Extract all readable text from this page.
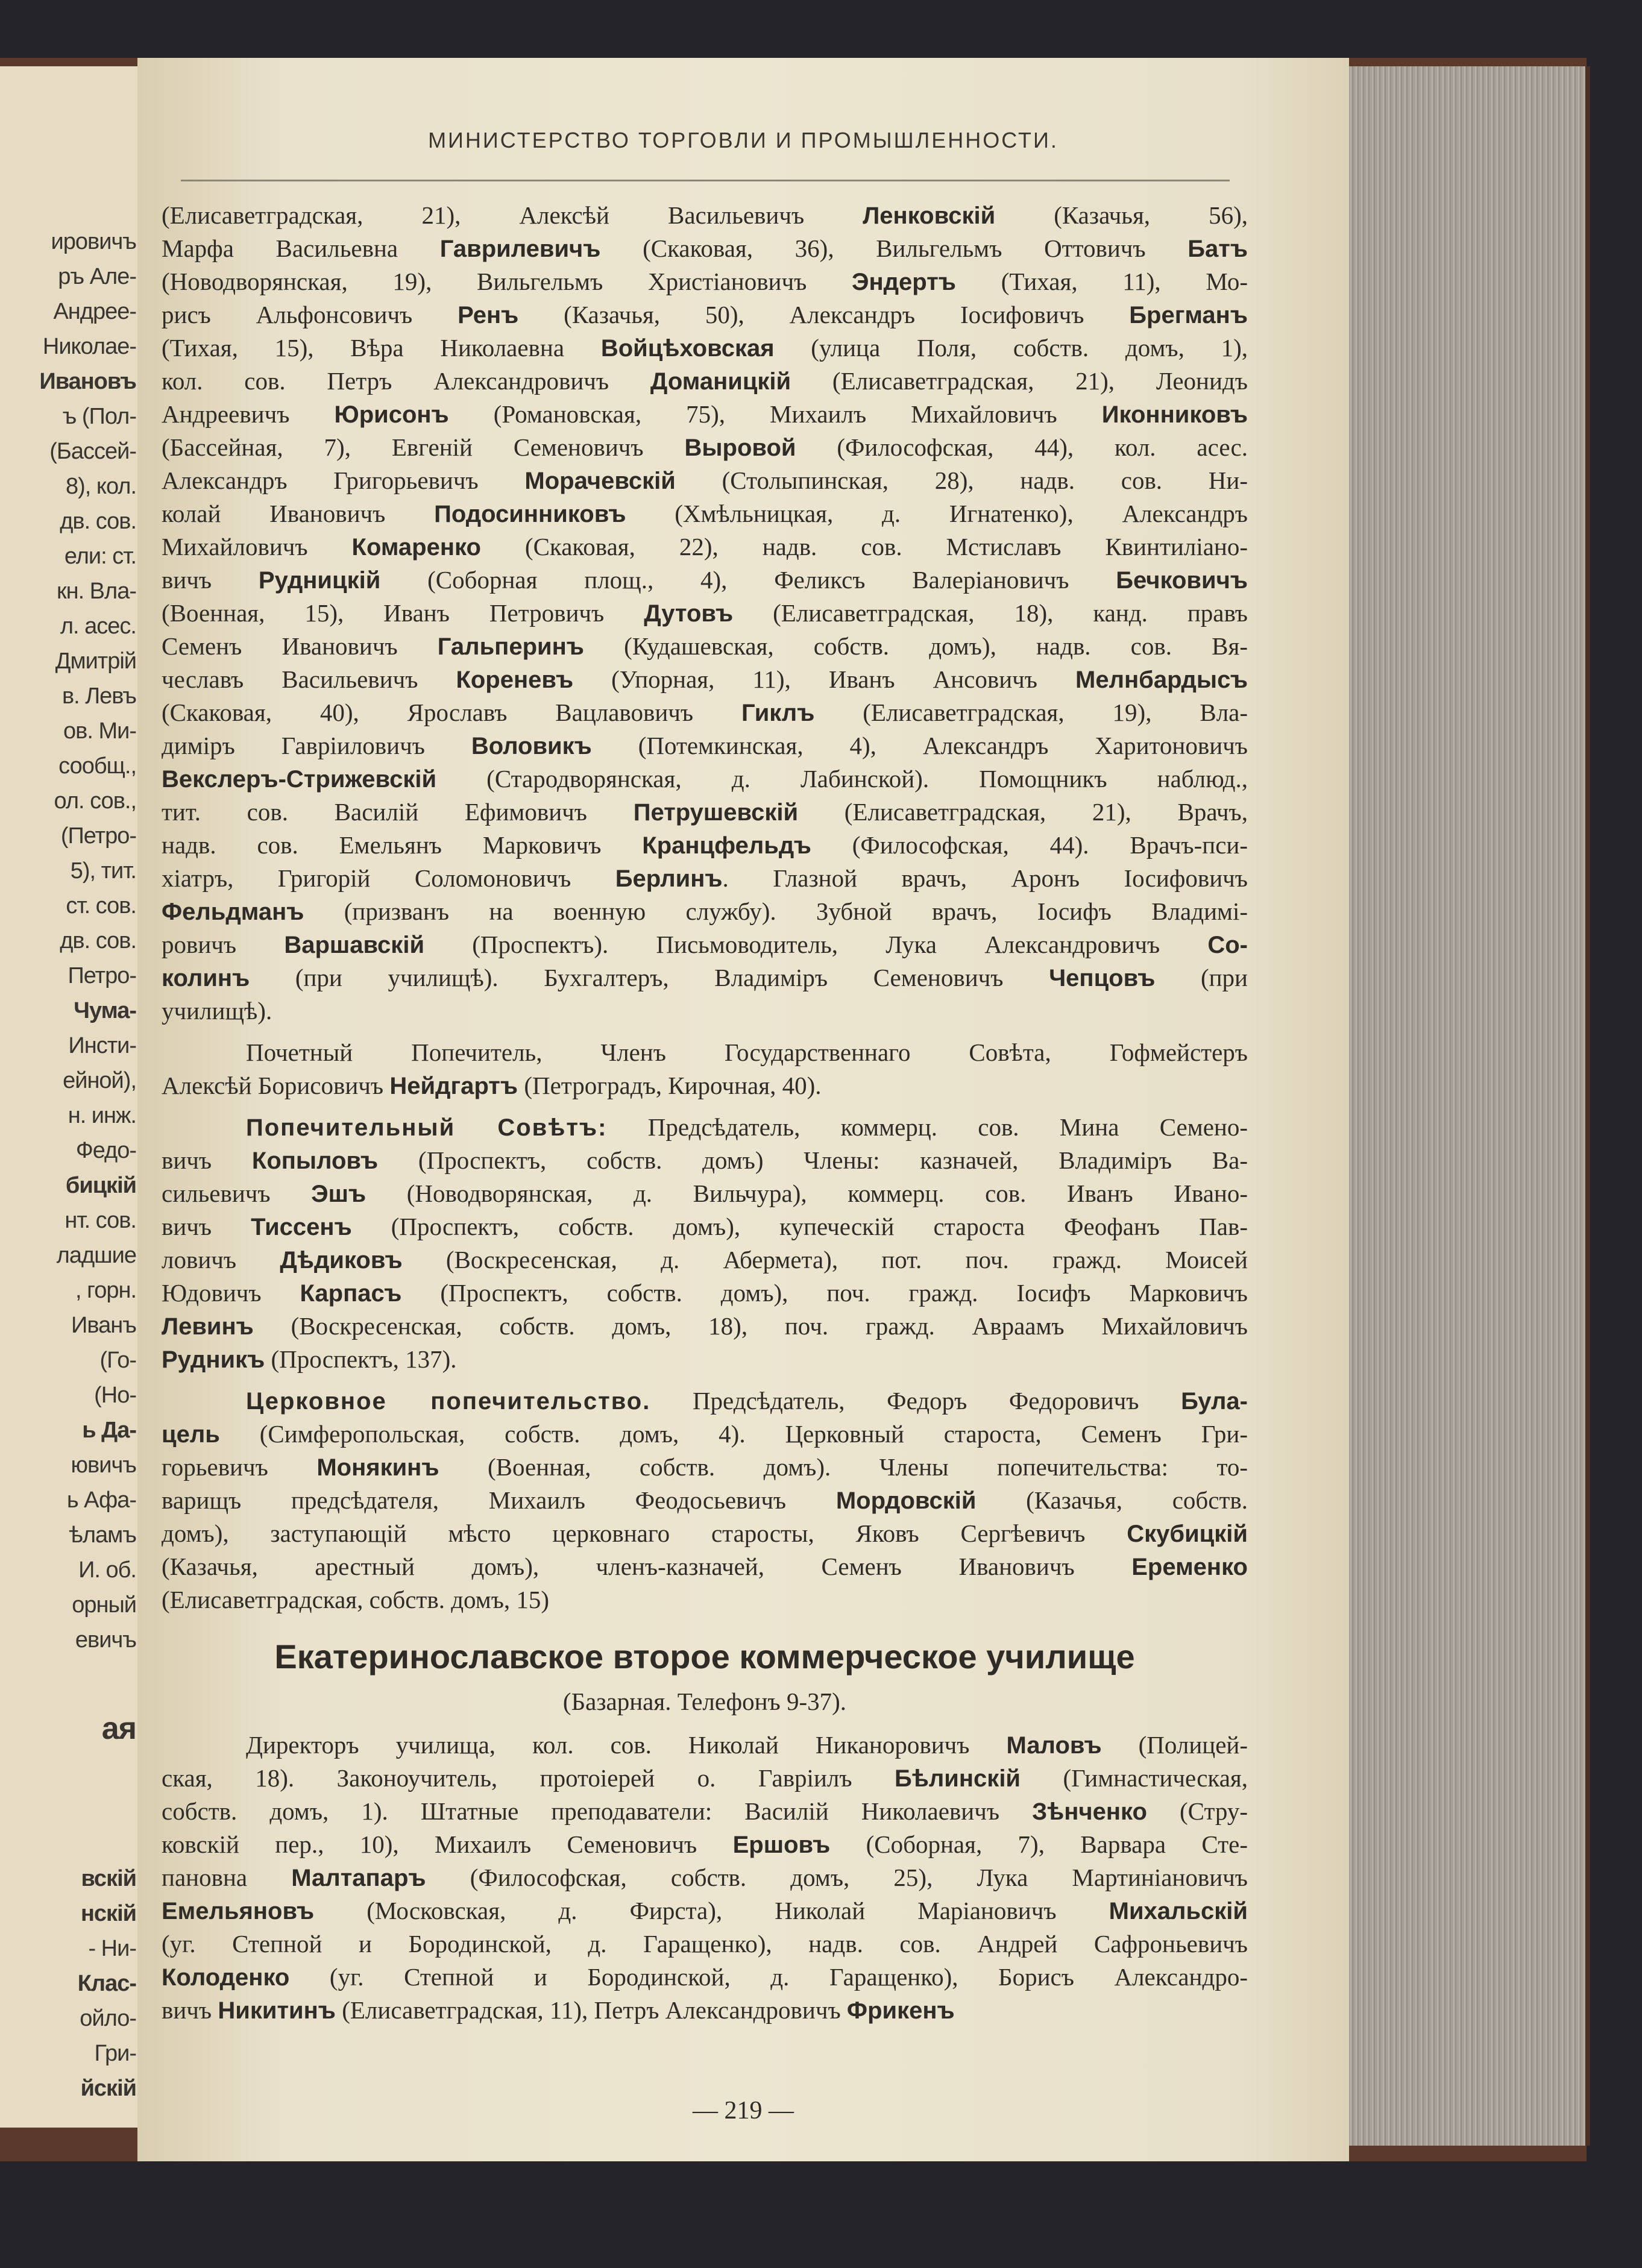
ировичъ
ръ Але-
Андрее-
Николае-
Ивановъ
ъ (Пол-
(Бассей-
8), кол.
дв. сов.
ели: ст.
кн. Вла-
л. асес.
Дмитрій
в. Левъ
ов. Ми-
сообщ.,
ол. сов.,
(Петро-
5), тит.
ст. сов.
дв. сов.
Петро-
Чума-
Инсти-
ейной),
н. инж.
Федо-
бицкій
нт. сов.
ладшие
, горн.
Иванъ
(Го-
(Но-
ь Да-
ювичъ
ь Афа-
ѣламъ
И. об.
орный
евичъ
ая
вскій
нскій
- Ни-
Клас-
ойло-
Гри-
йскій
МИНИСТЕРСТВО ТОРГОВЛИ И ПРОМЫШЛЕННОСТИ.
(Елисаветградская, 21), Алексѣй Васильевичъ Ленковскій (Казачья, 56),
Марфа Васильевна Гаврилевичъ (Скаковая, 36), Вильгельмъ Оттовичъ Батъ
(Новодворянская, 19), Вильгельмъ Христіановичъ Эндертъ (Тихая, 11), Мо-
рисъ Альфонсовичъ Ренъ (Казачья, 50), Александръ Іосифовичъ Брегманъ
(Тихая, 15), Вѣра Николаевна Войцѣховская (улица Поля, собств. домъ, 1),
кол. сов. Петръ Александровичъ Доманицкій (Елисаветградская, 21), Леонидъ
Андреевичъ Юрисонъ (Романовская, 75), Михаилъ Михайловичъ Иконниковъ
(Бассейная, 7), Евгеній Семеновичъ Выровой (Философская, 44), кол. асес.
Александръ Григорьевичъ Морачевскій (Столыпинская, 28), надв. сов. Ни-
колай Ивановичъ Подосинниковъ (Хмѣльницкая, д. Игнатенко), Александръ
Михайловичъ Комаренко (Скаковая, 22), надв. сов. Мстиславъ Квинтиліано-
вичъ Рудницкій (Соборная площ., 4), Феликсъ Валеріановичъ Бечковичъ
(Военная, 15), Иванъ Петровичъ Дутовъ (Елисаветградская, 18), канд. правъ
Семенъ Ивановичъ Гальперинъ (Кудашевская, собств. домъ), надв. сов. Вя-
чеславъ Васильевичъ Кореневъ (Упорная, 11), Иванъ Ансовичъ Мелнбардысъ
(Скаковая, 40), Ярославъ Вацлавовичъ Гиклъ (Елисаветградская, 19), Вла-
диміръ Гавріиловичъ Воловикъ (Потемкинская, 4), Александръ Харитоновичъ
Векслеръ-Стрижевскій (Стародворянская, д. Лабинской). Помощникъ наблюд.,
тит. сов. Василій Ефимовичъ Петрушевскій (Елисаветградская, 21), Врачъ,
надв. сов. Емельянъ Марковичъ Кранцфельдъ (Философская, 44). Врачъ-пси-
хіатръ, Григорій Соломоновичъ Берлинъ. Глазной врачъ, Аронъ Іосифовичъ
Фельдманъ (призванъ на военную службу). Зубной врачъ, Іосифъ Владимі-
ровичъ Варшавскій (Проспектъ). Письмоводитель, Лука Александровичъ Со-
колинъ (при училищѣ). Бухгалтеръ, Владиміръ Семеновичъ Чепцовъ (при
училищѣ).
Почетный Попечитель, Членъ Государственнаго Совѣта, Гофмейстеръ
Алексѣй Борисовичъ Нейдгартъ (Петроградъ, Кирочная, 40).
Попечительный Совѣтъ: Предсѣдатель, коммерц. сов. Мина Семено-
вичъ Копыловъ (Проспектъ, собств. домъ) Члены: казначей, Владиміръ Ва-
сильевичъ Эшъ (Новодворянская, д. Вильчура), коммерц. сов. Иванъ Ивано-
вичъ Тиссенъ (Проспектъ, собств. домъ), купеческій староста Феофанъ Пав-
ловичъ Дѣдиковъ (Воскресенская, д. Абермета), пот. поч. гражд. Моисей
Юдовичъ Карпасъ (Проспектъ, собств. домъ), поч. гражд. Іосифъ Марковичъ
Левинъ (Воскресенская, собств. домъ, 18), поч. гражд. Авраамъ Михайловичъ
Рудникъ (Проспектъ, 137).
Церковное попечительство. Предсѣдатель, Федоръ Федоровичъ Була-
цель (Симферопольская, собств. домъ, 4). Церковный староста, Семенъ Гри-
горьевичъ Монякинъ (Военная, собств. домъ). Члены попечительства: то-
варищъ предсѣдателя, Михаилъ Феодосьевичъ Мордовскій (Казачья, собств.
домъ), заступающій мѣсто церковнаго старосты, Яковъ Сергѣевичъ Скубицкій
(Казачья, арестный домъ), членъ-казначей, Семенъ Ивановичъ Еременко
(Елисаветградская, собств. домъ, 15)
Екатеринославское второе коммерческое училище
(Базарная. Телефонъ 9-37).
Директоръ училища, кол. сов. Николай Никаноровичъ Маловъ (Полицей-
ская, 18). Законоучитель, протоіерей о. Гавріилъ Бѣлинскій (Гимнастическая,
собств. домъ, 1). Штатные преподаватели: Василій Николаевичъ Зѣнченко (Стру-
ковскій пер., 10), Михаилъ Семеновичъ Ершовъ (Соборная, 7), Варвара Сте-
пановна Малтапаръ (Философская, собств. домъ, 25), Лука Мартиніановичъ
Емельяновъ (Московская, д. Фирста), Николай Маріановичъ Михальскій
(уг. Степной и Бородинской, д. Гаращенко), надв. сов. Андрей Сафроньевичъ
Колоденко (уг. Степной и Бородинской, д. Гаращенко), Борисъ Александро-
вичъ Никитинъ (Елисаветградская, 11), Петръ Александровичъ Фрикенъ
— 219 —
